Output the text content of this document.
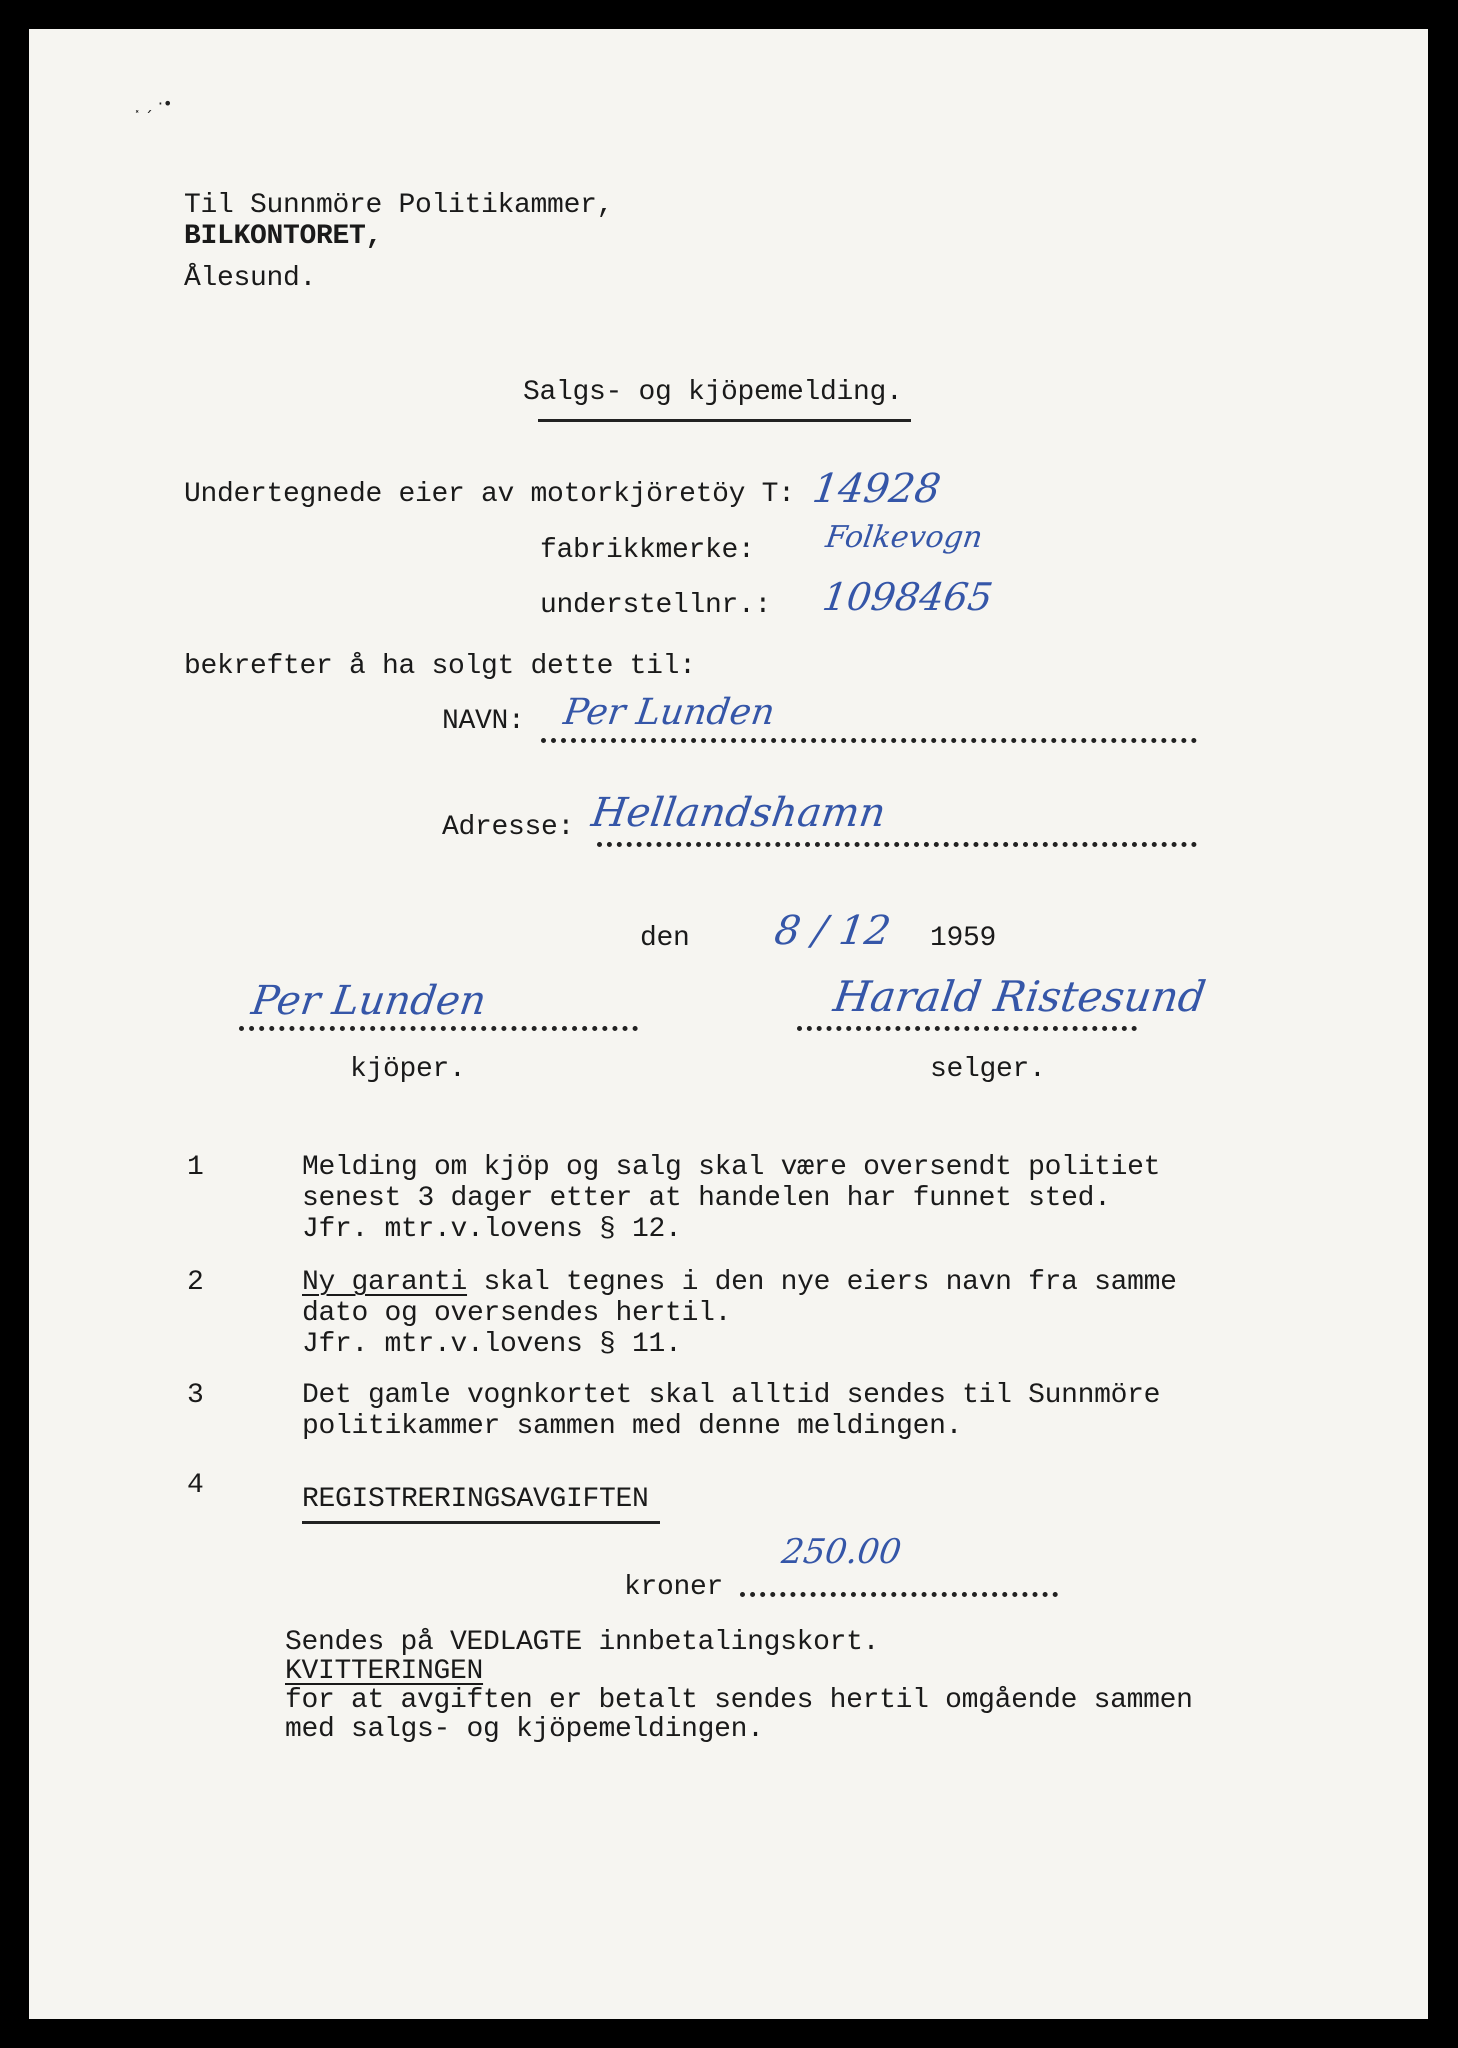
⸼ ˏ ·•
Til Sunnmöre Politikammer,
BILKONTORET,
Ålesund.
Salgs- og kjöpemelding.
Undertegnede eier av motorkjöretöy T: 14928
fabrikkmerke: Folkevogn
understellnr.: 1098465
bekrefter å ha solgt dette til:
NAVN: Per Lunden
Adresse: Hellandshamn
den 8 / 12 1959
Per Lunden
kjöper.
Harald Ristesund
selger.
1	Melding om kjöp og salg skal være oversendt politiet
senest 3 dager etter at handelen har funnet sted.
Jfr. mtr.v.lovens § 12.
2	Ny garanti skal tegnes i den nye eiers navn fra samme
dato og oversendes hertil.
Jfr. mtr.v.lovens § 11.
3	Det gamle vognkortet skal alltid sendes til Sunnmöre
politikammer sammen med denne meldingen.
4	REGISTRERINGSAVGIFTEN
kroner
250.00
Sendes på VEDLAGTE innbetalingskort.
KVITTERINGEN
for at avgiften er betalt sendes hertil omgående sammen
med salgs- og kjöpemeldingen.
